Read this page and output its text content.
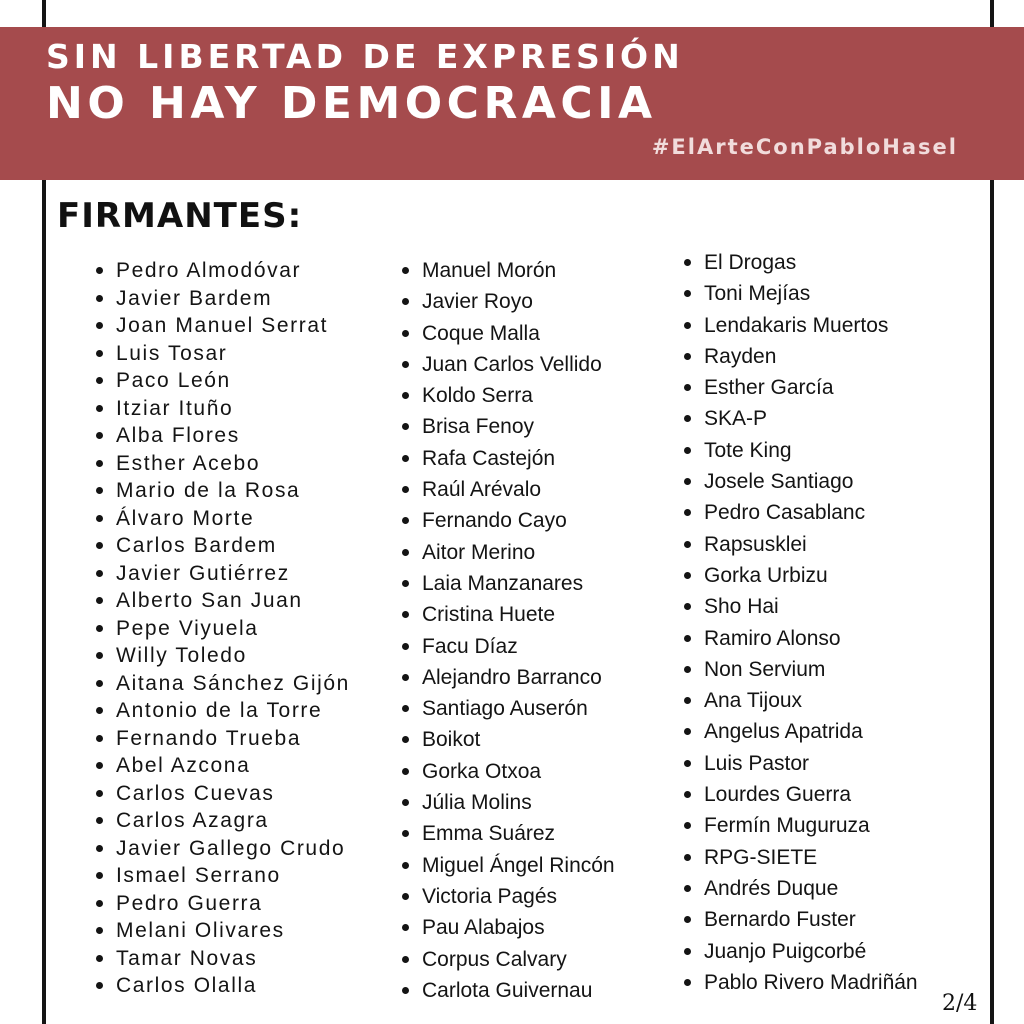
SIN LIBERTAD DE EXPRESIÓN
NO HAY DEMOCRACIA
#ElArteConPabloHasel
FIRMANTES:
Pedro Almodóvar
Javier Bardem
Joan Manuel Serrat
Luis Tosar
Paco León
Itziar Ituño
Alba Flores
Esther Acebo
Mario de la Rosa
Álvaro Morte
Carlos Bardem
Javier Gutiérrez
Alberto San Juan
Pepe Viyuela
Willy Toledo
Aitana Sánchez Gijón
Antonio de la Torre
Fernando Trueba
Abel Azcona
Carlos Cuevas
Carlos Azagra
Javier Gallego Crudo
Ismael Serrano
Pedro Guerra
Melani Olivares
Tamar Novas
Carlos Olalla
Manuel Morón
Javier Royo
Coque Malla
Juan Carlos Vellido
Koldo Serra
Brisa Fenoy
Rafa Castejón
Raúl Arévalo
Fernando Cayo
Aitor Merino
Laia Manzanares
Cristina Huete
Facu Díaz
Alejandro Barranco
Santiago Auserón
Boikot
Gorka Otxoa
Júlia Molins
Emma Suárez
Miguel Ángel Rincón
Victoria Pagés
Pau Alabajos
Corpus Calvary
Carlota Guivernau
El Drogas
Toni Mejías
Lendakaris Muertos
Rayden
Esther García
SKA-P
Tote King
Josele Santiago
Pedro Casablanc
Rapsusklei
Gorka Urbizu
Sho Hai
Ramiro Alonso
Non Servium
Ana Tijoux
Angelus Apatrida
Luis Pastor
Lourdes Guerra
Fermín Muguruza
RPG-SIETE
Andrés Duque
Bernardo Fuster
Juanjo Puigcorbé
Pablo Rivero Madriñán
2/4
